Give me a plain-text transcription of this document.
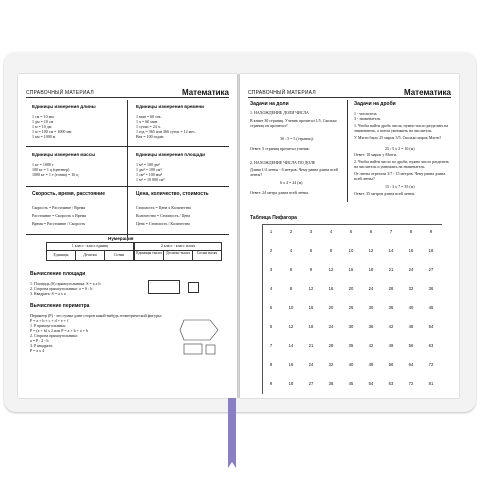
СПРАВОЧНЫЙ МАТЕРИАЛ	Математика
Единицы измерения длины
1 см = 10 мм
1 дм = 10 см
1 м = 10 дм
1 м = 100 см = 1000 мм
1 км = 1000 м
Единицы измерения времени
1 мин = 60 сек.
1 ч = 60 мин.
1 сутки = 24 ч.
1 год = 365 или 366 суток = 12 мес.
Век = 100 годам
Единицы измерения массы
1 кг = 1000 г
100 кг = 1 ц (центнер)
1000 кг = 1 т (тонна) = 10 ц
Единицы измерения площади
1 м² = 100 дм²
1 дм² = 100 см²
1 см² = 100 мм²
1 м² = 10 000 см²
Скорость, время, расстояние
Скорость = Расстояние / Время
Расстояние = Скорость x Время
Время = Расстояние / Скорость
Цена, количество, стоимость
Стоимость = Цена x Количество
Количество = Стоимость / Цена
Цена = Стоимость / Количество
Нумерация
1 класс - класс единиц	2 класс - класс тысяч
Единицы	Десятки	Сотни	Единицы тысяч	Десятки тысяч	Сотни тысяч
Вычисление площади
1. Площадь (S) прямоугольника: S = a x b
2. Сторона прямоугольника: a = S : b
3. Квадрата: S = a x a
Вычисление периметра
Периметр (P) - это сумма длин сторон какой-нибудь геометрической фигуры:
P = a + b + c + d + e + f
1. P прямоугольника:
P = (a + b) x 2 или P = a + b + a + b
2. Сторона прямоугольника:
a = P : 2 - b
3. P квадрата:
P = a x 4
СПРАВОЧНЫЙ МАТЕРИАЛ	Математика
Задачи на доли
1. НАХОЖДЕНИЕ ДОЛИ ЧИСЛА
В книге 30 страниц. Ученик прочитал 1/5. Сколько страниц он прочитал?
30 : 5 = 5 (страниц).
Ответ: 5 страниц прочитал ученик.
2. НАХОЖДЕНИЕ ЧИСЛА ПО ДОЛЕ
Длина 1/4 ленты - 6 метров. Чему равна длина всей ленты?
6 x 4 = 24 (м)
Ответ: 24 метра длина всей ленты.
Задачи на дроби
1 - числитель
3 - знаменатель
1. Чтобы найти дробь числа, нужно число разделить на знаменатель, а потом умножить на числитель.
У Мэгги было 25 марок 3/5. Сколько марок Мэгги?
25 : 5 x 2 = 10 (м)
Ответ: 10 марок у Мэгги.
2. Чтобы найти число по дроби, нужно число разделить на числитель и умножить на знаменатель.
От ленты отрезали 3/7 - 15 метров. Чему равна длина всей ленты?
15 : 3 x 7 = 35 (м)
Ответ: 35 метров длина всей ленты.
Таблица Пифагора
1	2	3	4	5	6	7	8	9
2	4	6	8	10	12	14	16	18
3	6	9	12	15	18	21	24	27
4	8	12	16	20	24	28	32	36
5	10	15	20	25	30	35	40	45
6	12	18	24	30	36	42	48	54
7	14	21	28	35	42	49	56	63
8	16	24	32	40	48	56	64	72
9	18	27	36	45	54	63	72	81
